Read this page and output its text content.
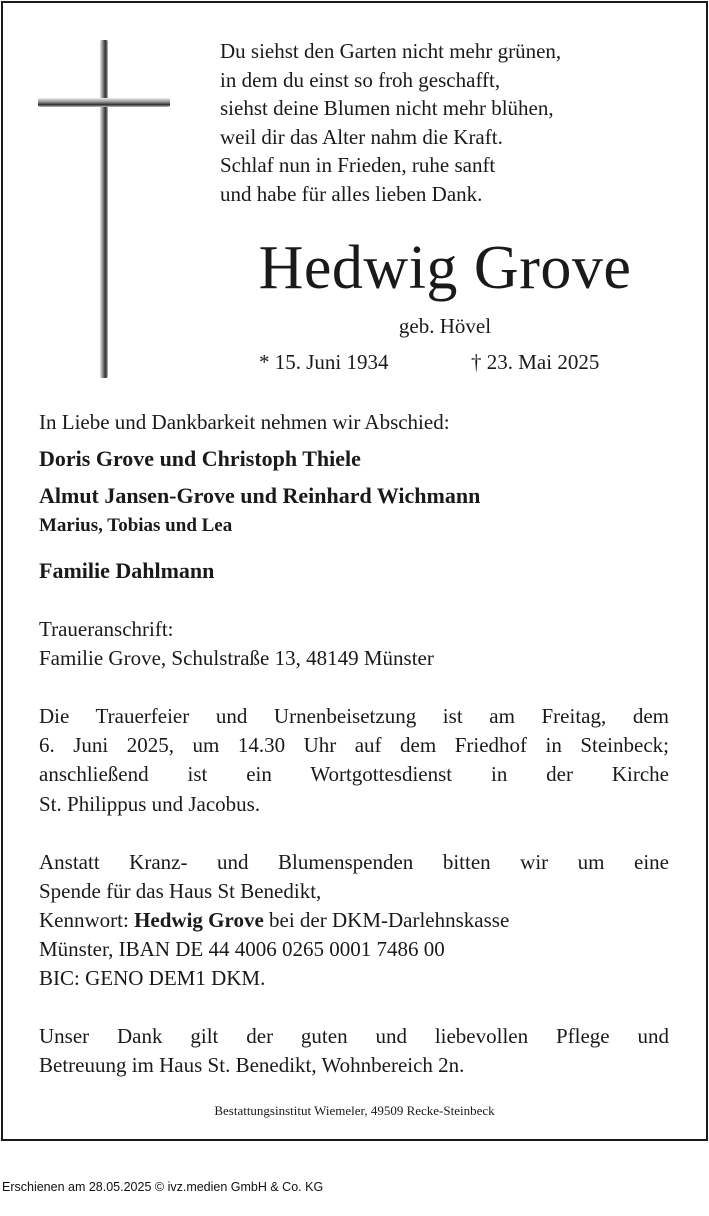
Du siehst den Garten nicht mehr grünen,
in dem du einst so froh geschafft,
siehst deine Blumen nicht mehr blühen,
weil dir das Alter nahm die Kraft.
Schlaf nun in Frieden, ruhe sanft
und habe für alles lieben Dank.
Hedwig Grove
geb. Hövel
* 15. Juni 1934	† 23. Mai 2025
In Liebe und Dankbarkeit nehmen wir Abschied:
Doris Grove und Christoph Thiele
Almut Jansen-Grove und Reinhard Wichmann
Marius, Tobias und Lea
Familie Dahlmann
Traueranschrift:
Familie Grove, Schulstraße 13, 48149 Münster
Die Trauerfeier und Urnenbeisetzung ist am Freitag, dem
6. Juni 2025, um 14.30 Uhr auf dem Friedhof in Steinbeck;
anschließend ist ein Wortgottesdienst in der Kirche
St. Philippus und Jacobus.
Anstatt Kranz- und Blumenspenden bitten wir um eine
Spende für das Haus St Benedikt,
Kennwort: Hedwig Grove bei der DKM-Darlehnskasse
Münster, IBAN DE 44 4006 0265 0001 7486 00
BIC: GENO DEM1 DKM.
Unser Dank gilt der guten und liebevollen Pflege und
Betreuung im Haus St. Benedikt, Wohnbereich 2n.
Bestattungsinstitut Wiemeler, 49509 Recke-Steinbeck
Erschienen am 28.05.2025 © ivz.medien GmbH & Co. KG
